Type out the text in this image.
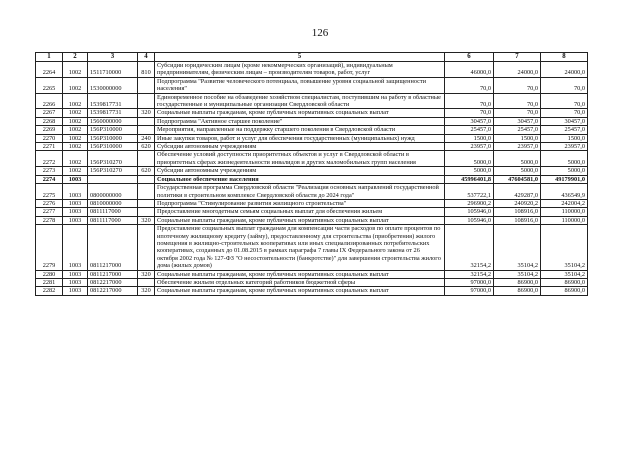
126
1	2	3	4	5	6	7	8
2264	1002	1511710000	810	Субсидии юридическим лицам (кроме некоммерческих организаций), индивидуальным предпринимателям, физическим лицам – производителям товаров, работ, услуг	46000,0	24000,0	24000,0
2265	1002	1530000000		Подпрограмма "Развитие человеческого потенциала, повышение уровня социальной защищенности населения"	70,0	70,0	70,0
2266	1002	1539817731		Единовременное пособие на обзаведение хозяйством специалистам, поступившим на работу в областные государственные и муниципальные организации Свердловской области	70,0	70,0	70,0
2267	1002	1539817731	320	Социальные выплаты гражданам, кроме публичных нормативных социальных выплат	70,0	70,0	70,0
2268	1002	1560000000		Подпрограмма "Активное старшее поколение"	30457,0	30457,0	30457,0
2269	1002	156P310000		Мероприятия, направленные на поддержку старшего поколения в Свердловской области	25457,0	25457,0	25457,0
2270	1002	156P310000	240	Иные закупки товаров, работ и услуг для обеспечения государственных (муниципальных) нужд	1500,0	1500,0	1500,0
2271	1002	156P310000	620	Субсидии автономным учреждениям	23957,0	23957,0	23957,0
2272	1002	156P310270		Обеспечение условий доступности приоритетных объектов и услуг в Свердловской области в приоритетных сферах жизнедеятельности инвалидов и других маломобильных групп населения	5000,0	5000,0	5000,0
2273	1002	156P310270	620	Субсидии автономным учреждениям	5000,0	5000,0	5000,0
2274	1003			Социальное обеспечение населения	45996401,8	47604581,0	49179901,0
2275	1003	0800000000		Государственная программа Свердловской области "Реализация основных направлений государственной политики в строительном комплексе Свердловской области до 2024 года"	537722,1	429287,0	436549,9
2276	1003	0810000000		Подпрограмма "Стимулирование развития жилищного строительства"	296900,2	240920,2	242004,2
2277	1003	0811117000		Предоставление многодетным семьям социальных выплат для обеспечения жильем	105946,0	108916,0	110000,0
2278	1003	0811117000	320	Социальные выплаты гражданам, кроме публичных нормативных социальных выплат	105946,0	108916,0	110000,0
2279	1003	0811217000		Предоставление социальных выплат гражданам для компенсации части расходов по оплате процентов по ипотечному жилищному кредиту (займу), предоставленному для строительства (приобретения) жилого помещения в жилищно-строительных кооперативах или иных специализированных потребительских кооперативах, созданных до 01.08.2015 в рамках параграфа 7 главы IX Федерального закона от 26 октября 2002 года № 127-ФЗ "О несостоятельности (банкротстве)" для завершения строительства жилого дома (жилых домов)	32154,2	35104,2	35104,2
2280	1003	0811217000	320	Социальные выплаты гражданам, кроме публичных нормативных социальных выплат	32154,2	35104,2	35104,2
2281	1003	0812217000		Обеспечение жильем отдельных категорий работников бюджетной сферы	97000,0	86900,0	86900,0
2282	1003	0812217000	320	Социальные выплаты гражданам, кроме публичных нормативных социальных выплат	97000,0	86900,0	86900,0
